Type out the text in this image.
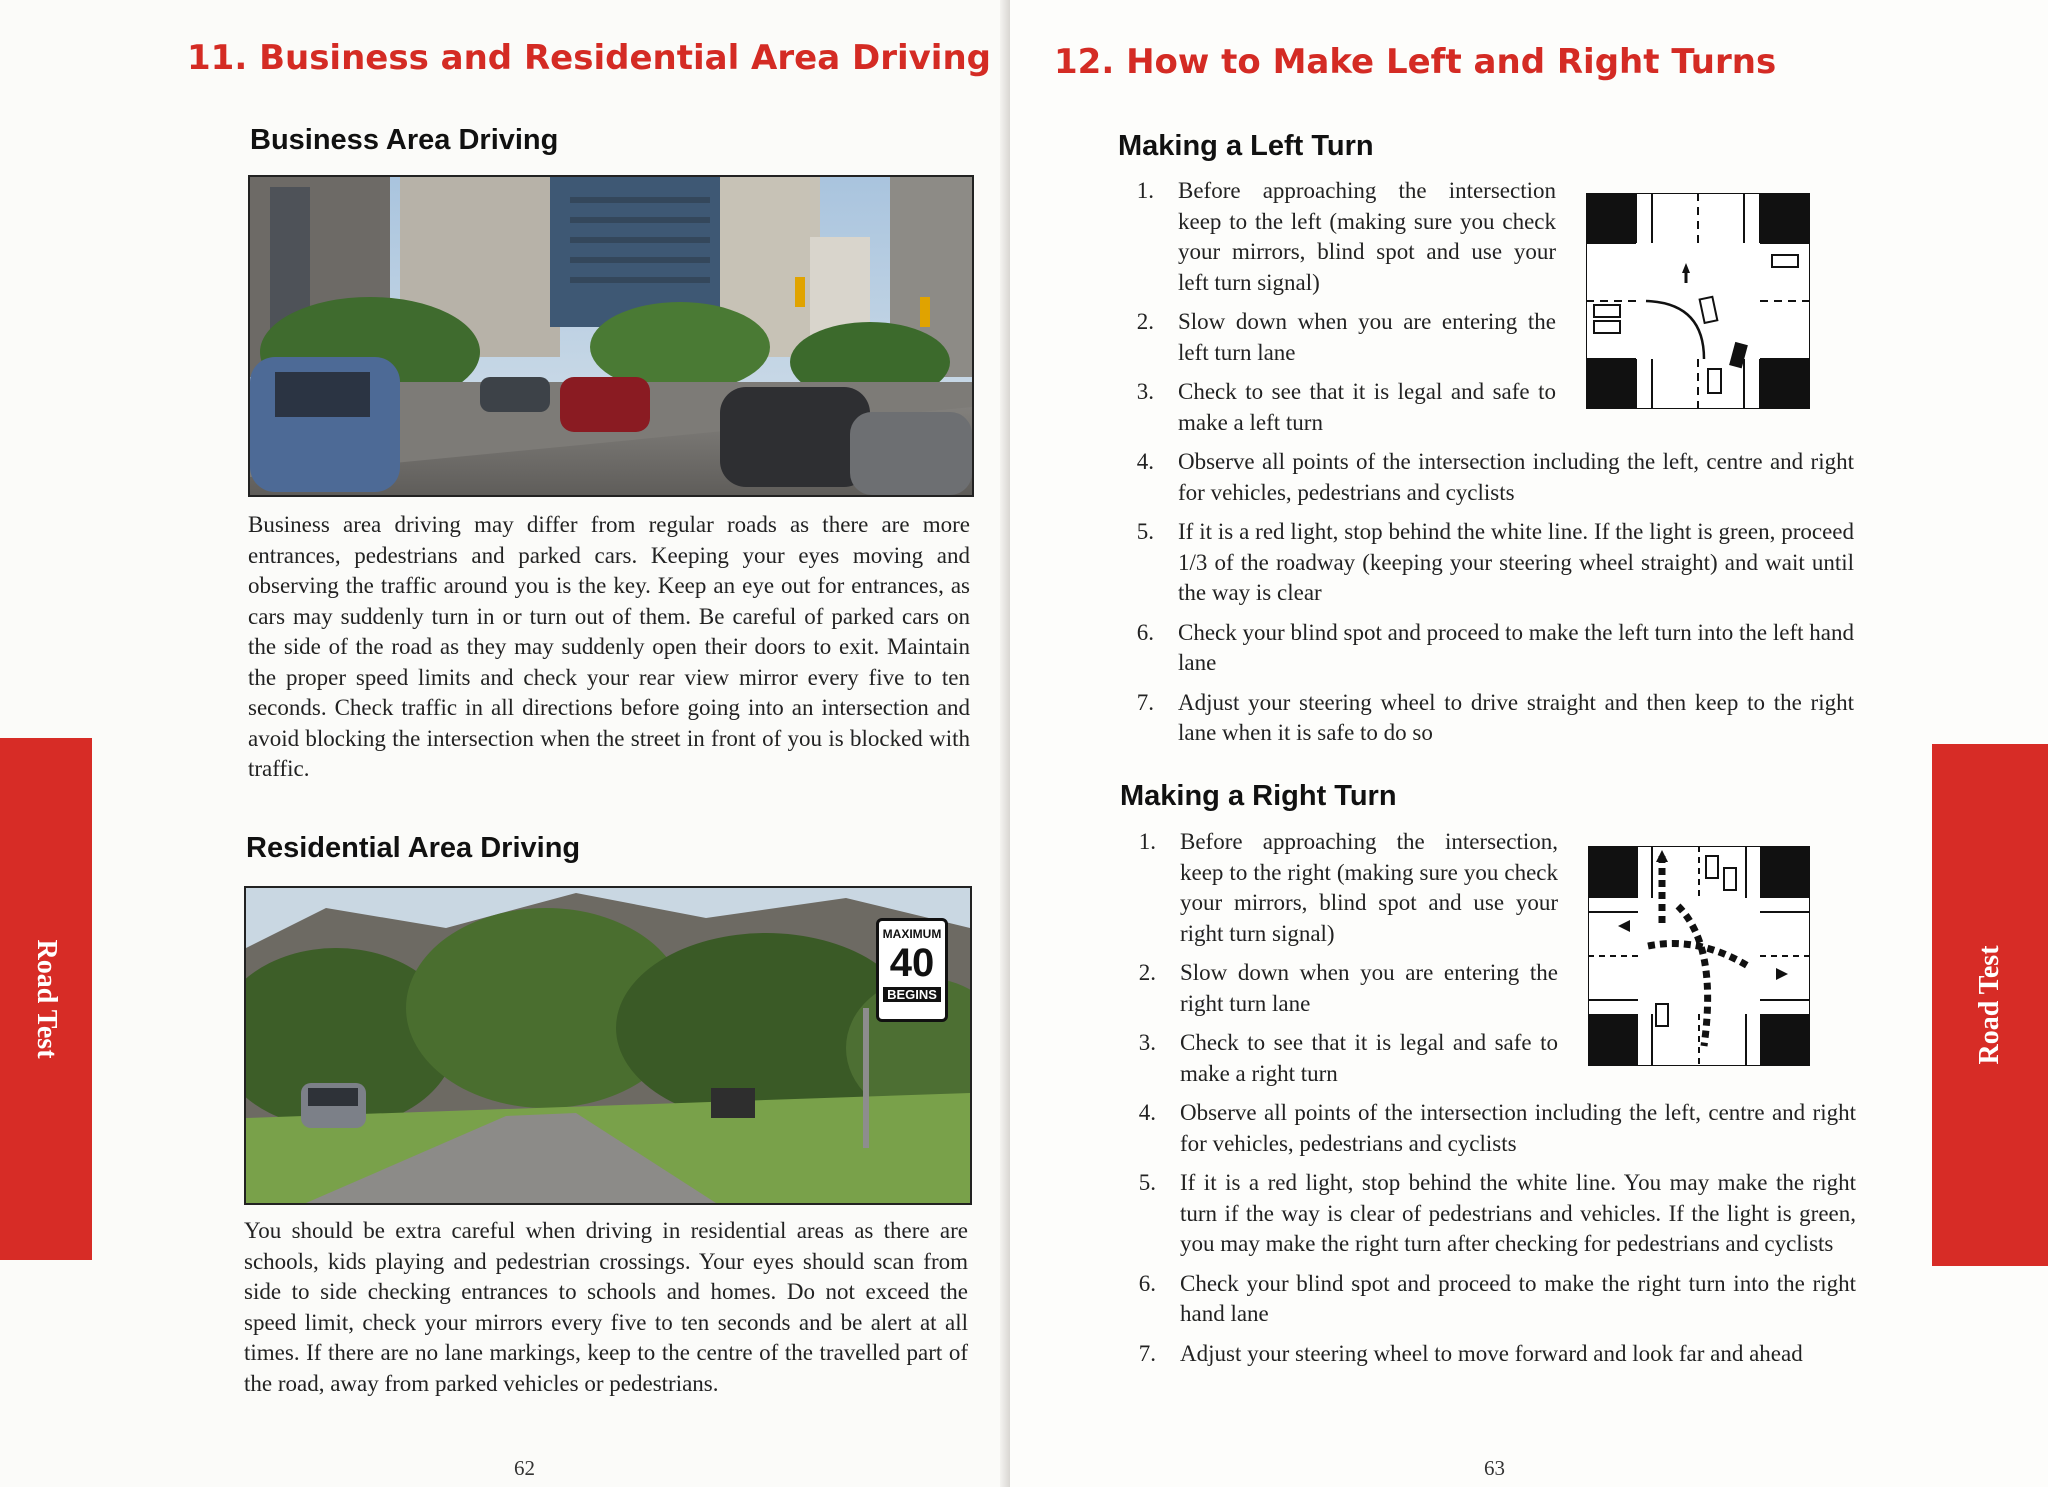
11. Business and Residential Area Driving
Business Area Driving

Business area driving may differ from regular roads as there are more entrances, pedestrians and parked cars. Keeping your eyes moving and observing the traffic around you is the key. Keep an eye out for entrances, as cars may suddenly turn in or turn out of them. Be careful of parked cars on the side of the road as they may suddenly open their doors to exit. Maintain the proper speed limits and check your rear view mirror every five to ten seconds. Check traffic in all directions before going into an intersection and avoid blocking the intersection when the street in front of you is blocked with traffic.

Residential Area Driving
MAXIMUM
40
BEGINS

You should be extra careful when driving in residential areas as there are schools, kids playing and pedestrian crossings. Your eyes should scan from side to side checking entrances to schools and homes. Do not exceed the speed limit, check your mirrors every five to ten seconds and be alert at all times. If there are no lane markings, keep to the centre of the travelled part of the road, away from parked vehicles or pedestrians.

Road Test
62
12. How to Make Left and Right Turns
Making a Left Turn
1. Before approaching the intersection keep to the left (making sure you check your mirrors, blind spot and use your left turn signal)
2. Slow down when you are entering the left turn lane
3. Check to see that it is legal and safe to make a left turn
4. Observe all points of the intersection including the left, centre and right for vehicles, pedestrians and cyclists
5. If it is a red light, stop behind the white line. If the light is green, proceed 1/3 of the roadway (keeping your steering wheel straight) and wait until the way is clear
6. Check your blind spot and proceed to make the left turn into the left hand lane
7. Adjust your steering wheel to drive straight and then keep to the right lane when it is safe to do so
Making a Right Turn
1. Before approaching the intersection, keep to the right (making sure you check your mirrors, blind spot and use your right turn signal)
2. Slow down when you are entering the right turn lane
3. Check to see that it is legal and safe to make a right turn
4. Observe all points of the intersection including the left, centre and right for vehicles, pedestrians and cyclists
5. If it is a red light, stop behind the white line. You may make the right turn if the way is clear of pedestrians and vehicles. If the light is green, you may make the right turn after checking for pedestrians and cyclists
6. Check your blind spot and proceed to make the right turn into the right hand lane
7. Adjust your steering wheel to move forward and look far and ahead
Road Test
63
